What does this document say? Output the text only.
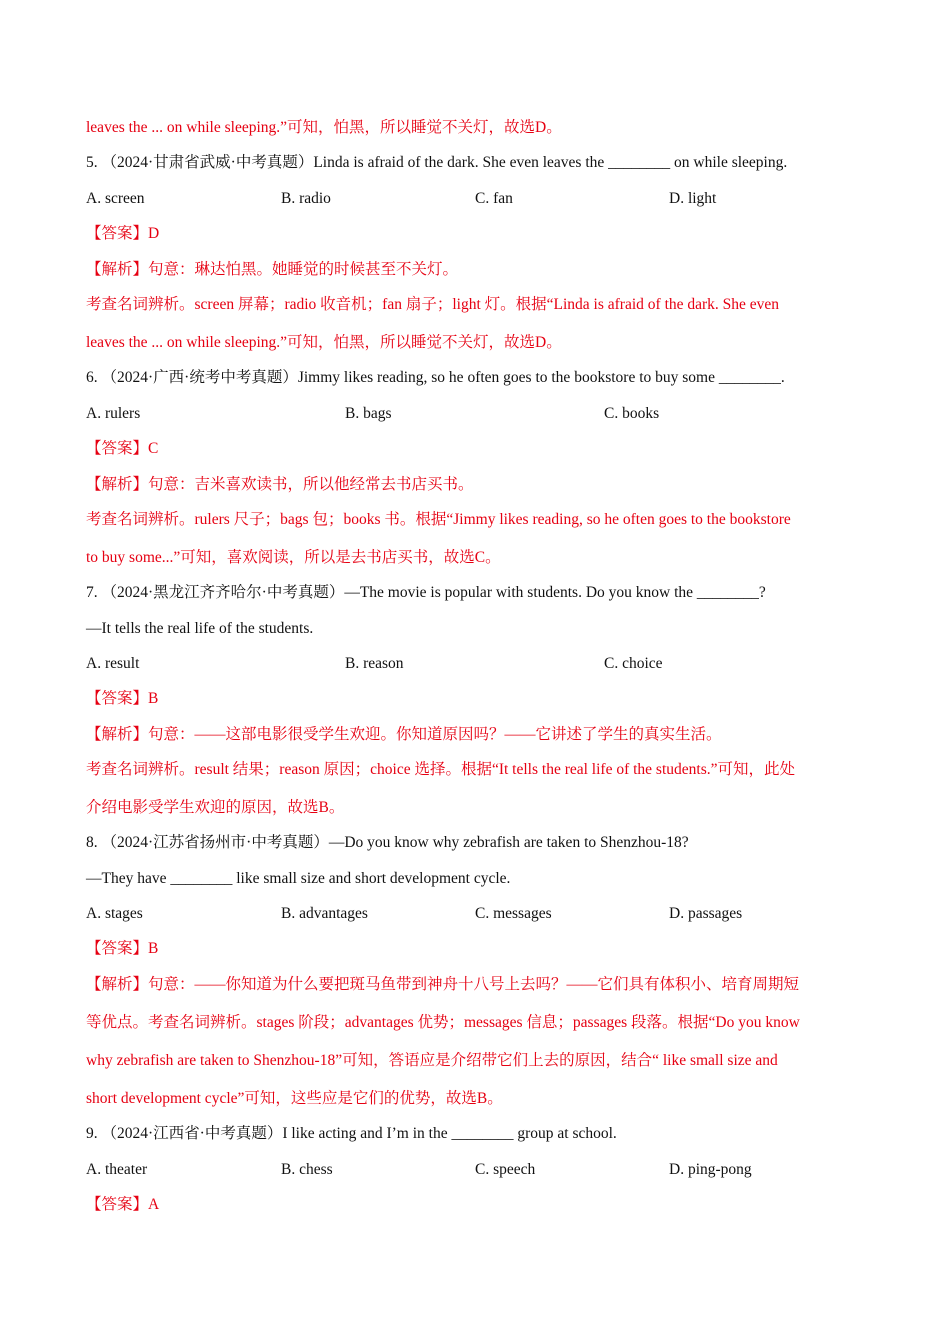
leaves the ... on while sleeping.”可知，怕黑，所以睡觉不关灯，故选D。
5. （2024·甘肃省武威·中考真题）Linda is afraid of the dark. She even leaves the ________ on while sleeping.
A. screen	B. radio	C. fan	D. light
【答案】D
【解析】句意：琳达怕黑。她睡觉的时候甚至不关灯。
考查名词辨析。screen 屏幕；radio 收音机；fan 扇子；light 灯。根据“Linda is afraid of the dark. She even
leaves the ... on while sleeping.”可知，怕黑，所以睡觉不关灯，故选D。
6. （2024·广西·统考中考真题）Jimmy likes reading, so he often goes to the bookstore to buy some ________.
A. rulers	B. bags	C. books
【答案】C
【解析】句意：吉米喜欢读书，所以他经常去书店买书。
考查名词辨析。rulers 尺子；bags 包；books 书。根据“Jimmy likes reading, so he often goes to the bookstore
to buy some...”可知，喜欢阅读，所以是去书店买书，故选C。
7. （2024·黑龙江齐齐哈尔·中考真题）—The movie is popular with students. Do you know the ________?
—It tells the real life of the students.
A. result	B. reason	C. choice
【答案】B
【解析】句意：——这部电影很受学生欢迎。你知道原因吗？——它讲述了学生的真实生活。
考查名词辨析。result 结果；reason 原因；choice 选择。根据“It tells the real life of the students.”可知，此处
介绍电影受学生欢迎的原因，故选B。
8. （2024·江苏省扬州市·中考真题）—Do you know why zebrafish are taken to Shenzhou-18?
—They have ________ like small size and short development cycle.
A. stages	B. advantages	C. messages	D. passages
【答案】B
【解析】句意：——你知道为什么要把斑马鱼带到神舟十八号上去吗？——它们具有体积小、培育周期短
等优点。考查名词辨析。stages 阶段；advantages 优势；messages 信息；passages 段落。根据“Do you know
why zebrafish are taken to Shenzhou-18”可知，答语应是介绍带它们上去的原因，结合“ like small size and
short development cycle”可知，这些应是它们的优势，故选B。
9. （2024·江西省·中考真题）I like acting and I’m in the ________ group at school.
A. theater	B. chess	C. speech	D. ping-pong
【答案】A
